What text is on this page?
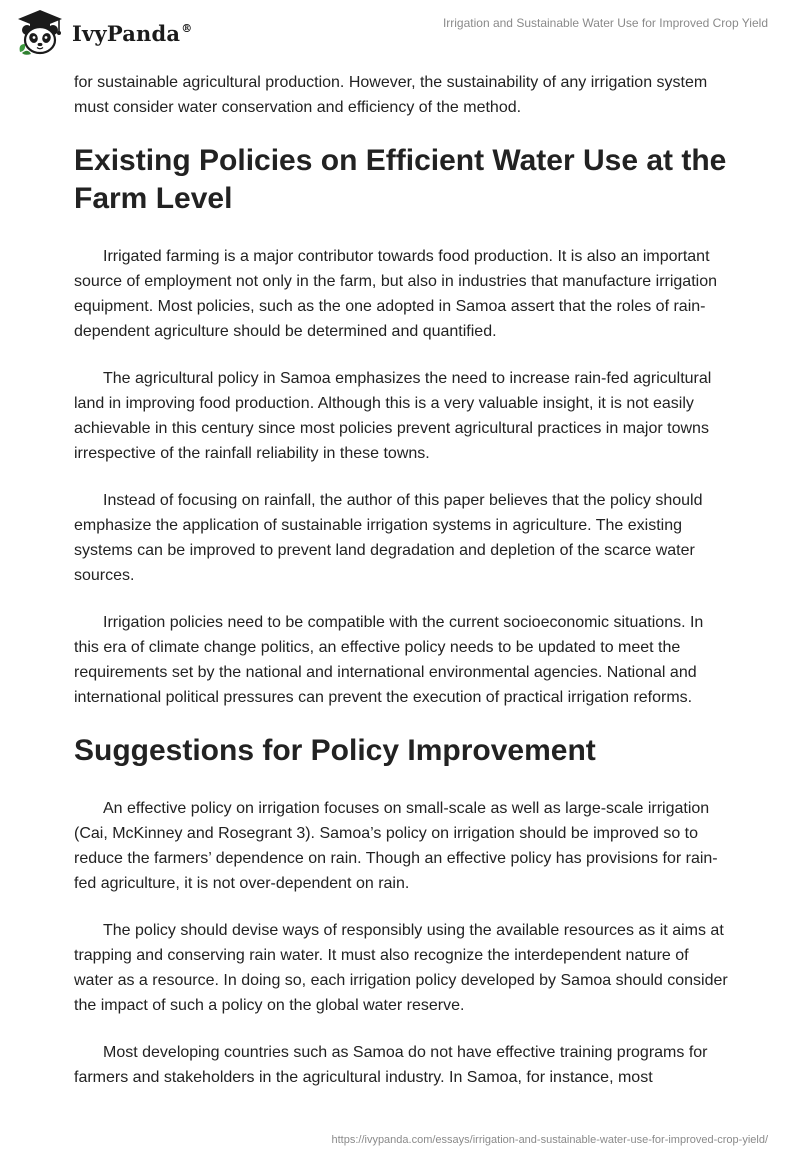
IvyPanda®	Irrigation and Sustainable Water Use for Improved Crop Yield

for sustainable agricultural production. However, the sustainability of any irrigation system must consider water conservation and efficiency of the method.

Existing Policies on Efficient Water Use at the Farm Level

Irrigated farming is a major contributor towards food production. It is also an important source of employment not only in the farm, but also in industries that manufacture irrigation equipment. Most policies, such as the one adopted in Samoa assert that the roles of rain-dependent agriculture should be determined and quantified.

The agricultural policy in Samoa emphasizes the need to increase rain-fed agricultural land in improving food production. Although this is a very valuable insight, it is not easily achievable in this century since most policies prevent agricultural practices in major towns irrespective of the rainfall reliability in these towns.

Instead of focusing on rainfall, the author of this paper believes that the policy should emphasize the application of sustainable irrigation systems in agriculture. The existing systems can be improved to prevent land degradation and depletion of the scarce water sources.

Irrigation policies need to be compatible with the current socioeconomic situations. In this era of climate change politics, an effective policy needs to be updated to meet the requirements set by the national and international environmental agencies. National and international political pressures can prevent the execution of practical irrigation reforms.

Suggestions for Policy Improvement

An effective policy on irrigation focuses on small-scale as well as large-scale irrigation (Cai, McKinney and Rosegrant 3). Samoa’s policy on irrigation should be improved so to reduce the farmers’ dependence on rain. Though an effective policy has provisions for rain-fed agriculture, it is not over-dependent on rain.

The policy should devise ways of responsibly using the available resources as it aims at trapping and conserving rain water. It must also recognize the interdependent nature of water as a resource. In doing so, each irrigation policy developed by Samoa should consider the impact of such a policy on the global water reserve.

Most developing countries such as Samoa do not have effective training programs for farmers and stakeholders in the agricultural industry. In Samoa, for instance, most

https://ivypanda.com/essays/irrigation-and-sustainable-water-use-for-improved-crop-yield/
